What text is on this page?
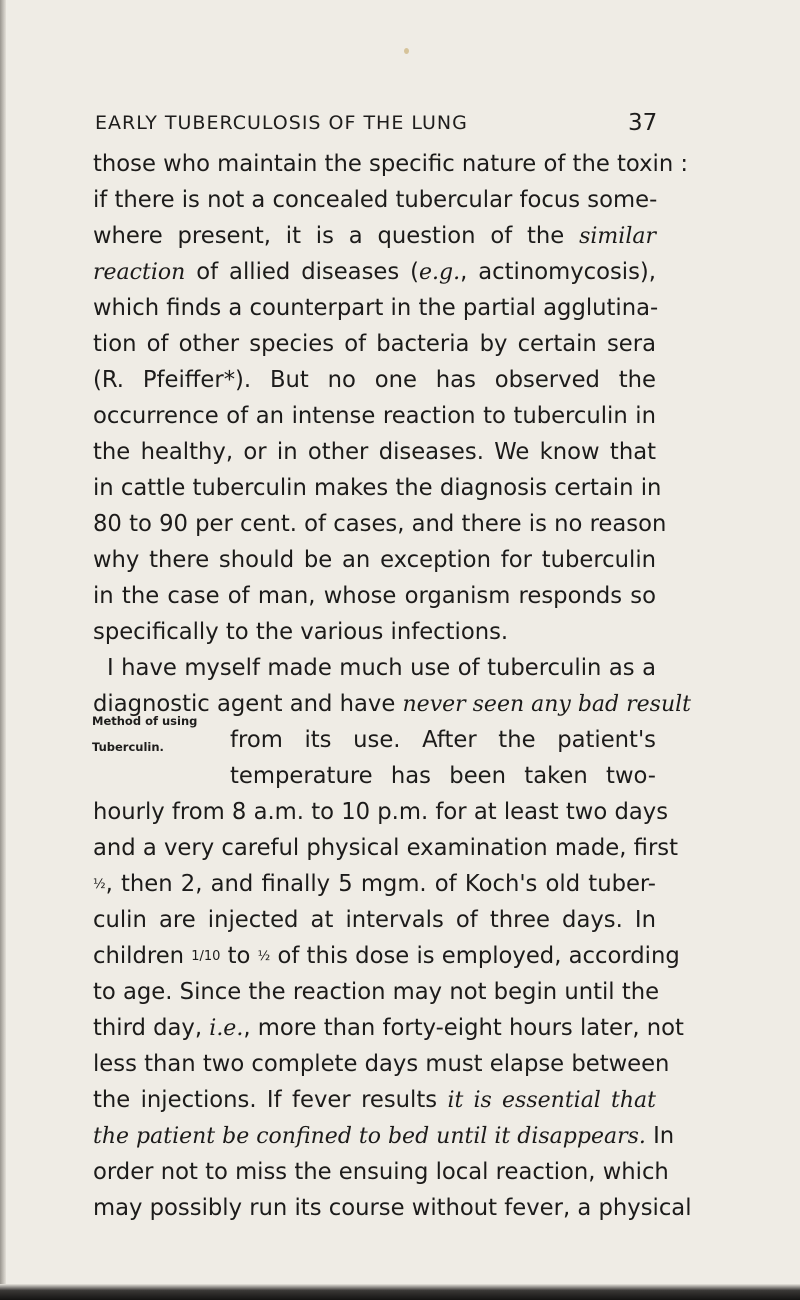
EARLY TUBERCULOSIS OF THE LUNG	37
Method of using
Tuberculin.
those who maintain the specific nature of the toxin :
if there is not a concealed tubercular focus some-
where present, it is a question of the similar
reaction of allied diseases (e.g., actinomycosis),
which finds a counterpart in the partial agglutina-
tion of other species of bacteria by certain sera
(R. Pfeiffer*). But no one has observed the
occurrence of an intense reaction to tuberculin in
the healthy, or in other diseases. We know that
in cattle tuberculin makes the diagnosis certain in
80 to 90 per cent. of cases, and there is no reason
why there should be an exception for tuberculin
in the case of man, whose organism responds so
specifically to the various infections.
I have myself made much use of tuberculin as a
diagnostic agent and have never seen any bad result
from its use. After the patient's
temperature has been taken two-
hourly from 8 a.m. to 10 p.m. for at least two days
and a very careful physical examination made, first
½, then 2, and finally 5 mgm. of Koch's old tuber-
culin are injected at intervals of three days. In
children 1/10 to ½ of this dose is employed, according
to age. Since the reaction may not begin until the
third day, i.e., more than forty-eight hours later, not
less than two complete days must elapse between
the injections. If fever results it is essential that
the patient be confined to bed until it disappears. In
order not to miss the ensuing local reaction, which
may possibly run its course without fever, a physical
